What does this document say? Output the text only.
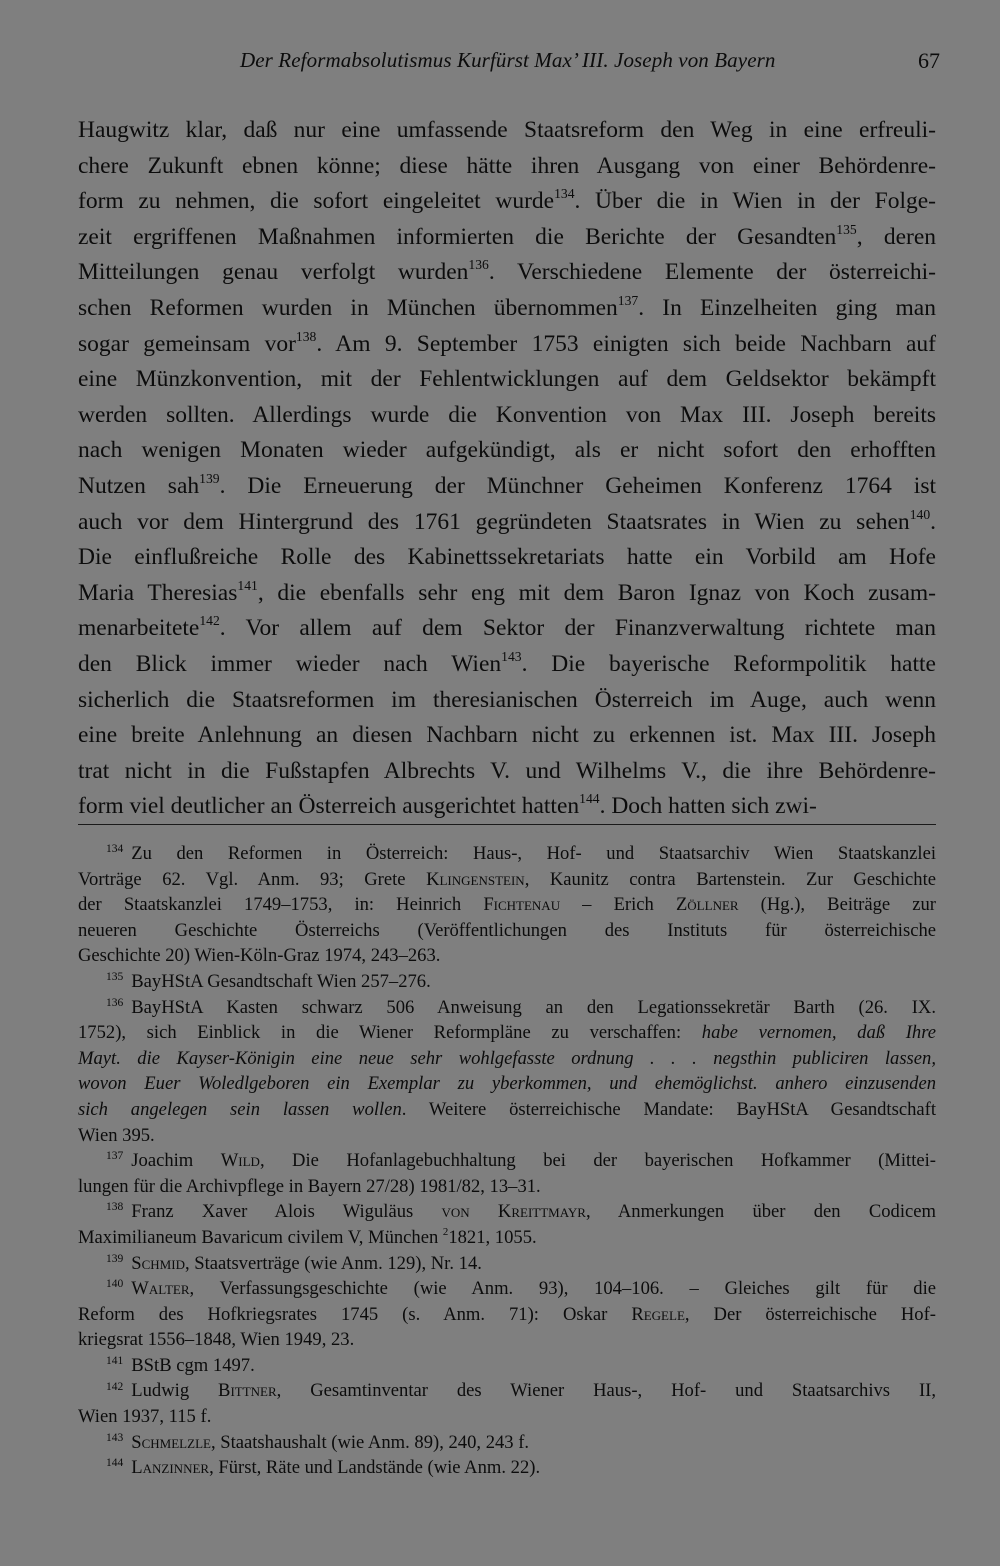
Der Reformabsolutismus Kurfürst Max’ III. Joseph von Bayern	67
Haugwitz klar, daß nur eine umfassende Staatsreform den Weg in eine erfreuli-
chere Zukunft ebnen könne; diese hätte ihren Ausgang von einer Behördenre-
form zu nehmen, die sofort eingeleitet wurde$^{134}$. Über die in Wien in der Folge-
zeit ergriffenen Maßnahmen informierten die Berichte der Gesandten$^{135}$, deren
Mitteilungen genau verfolgt wurden$^{136}$. Verschiedene Elemente der österreichi-
schen Reformen wurden in München übernommen$^{137}$. In Einzelheiten ging man
sogar gemeinsam vor$^{138}$. Am 9. September 1753 einigten sich beide Nachbarn auf
eine Münzkonvention, mit der Fehlentwicklungen auf dem Geldsektor bekämpft
werden sollten. Allerdings wurde die Konvention von Max III. Joseph bereits
nach wenigen Monaten wieder aufgekündigt, als er nicht sofort den erhofften
Nutzen sah$^{139}$. Die Erneuerung der Münchner Geheimen Konferenz 1764 ist
auch vor dem Hintergrund des 1761 gegründeten Staatsrates in Wien zu sehen$^{140}$.
Die einflußreiche Rolle des Kabinettssekretariats hatte ein Vorbild am Hofe
Maria Theresias$^{141}$, die ebenfalls sehr eng mit dem Baron Ignaz von Koch zusam-
menarbeitete$^{142}$. Vor allem auf dem Sektor der Finanzverwaltung richtete man
den Blick immer wieder nach Wien$^{143}$. Die bayerische Reformpolitik hatte
sicherlich die Staatsreformen im theresianischen Österreich im Auge, auch wenn
eine breite Anlehnung an diesen Nachbarn nicht zu erkennen ist. Max III. Joseph
trat nicht in die Fußstapfen Albrechts V. und Wilhelms V., die ihre Behördenre-
form viel deutlicher an Österreich ausgerichtet hatten$^{144}$. Doch hatten sich zwi-
$^{134}$ Zu den Reformen in Österreich: Haus-, Hof- und Staatsarchiv Wien Staatskanzlei
Vorträge 62. Vgl. Anm. 93; Grete Klingenstein, Kaunitz contra Bartenstein. Zur Geschichte
der Staatskanzlei 1749–1753, in: Heinrich Fichtenau – Erich Zöllner (Hg.), Beiträge zur
neueren Geschichte Österreichs (Veröffentlichungen des Instituts für österreichische
Geschichte 20) Wien-Köln-Graz 1974, 243–263.
$^{135}$ BayHStA Gesandtschaft Wien 257–276.
$^{136}$ BayHStA Kasten schwarz 506 Anweisung an den Legationssekretär Barth (26. IX.
1752), sich Einblick in die Wiener Reformpläne zu verschaffen: habe vernomen, daß Ihre
Mayt. die Kayser-Königin eine neue sehr wohlgefasste ordnung . . . negsthin publiciren lassen,
wovon Euer Woledlgeboren ein Exemplar zu yberkommen, und ehemöglichst. anhero einzusenden
sich angelegen sein lassen wollen. Weitere österreichische Mandate: BayHStA Gesandtschaft
Wien 395.
$^{137}$ Joachim Wild, Die Hofanlagebuchhaltung bei der bayerischen Hofkammer (Mittei-
lungen für die Archivpflege in Bayern 27/28) 1981/82, 13–31.
$^{138}$ Franz Xaver Alois Wiguläus von Kreittmayr, Anmerkungen über den Codicem
Maximilianeum Bavaricum civilem V, München $^2$1821, 1055.
$^{139}$ Schmid, Staatsverträge (wie Anm. 129), Nr. 14.
$^{140}$ Walter, Verfassungsgeschichte (wie Anm. 93), 104–106. – Gleiches gilt für die
Reform des Hofkriegsrates 1745 (s. Anm. 71): Oskar Regele, Der österreichische Hof-
kriegsrat 1556–1848, Wien 1949, 23.
$^{141}$ BStB cgm 1497.
$^{142}$ Ludwig Bittner, Gesamtinventar des Wiener Haus-, Hof- und Staatsarchivs II,
Wien 1937, 115 f.
$^{143}$ Schmelzle, Staatshaushalt (wie Anm. 89), 240, 243 f.
$^{144}$ Lanzinner, Fürst, Räte und Landstände (wie Anm. 22).
